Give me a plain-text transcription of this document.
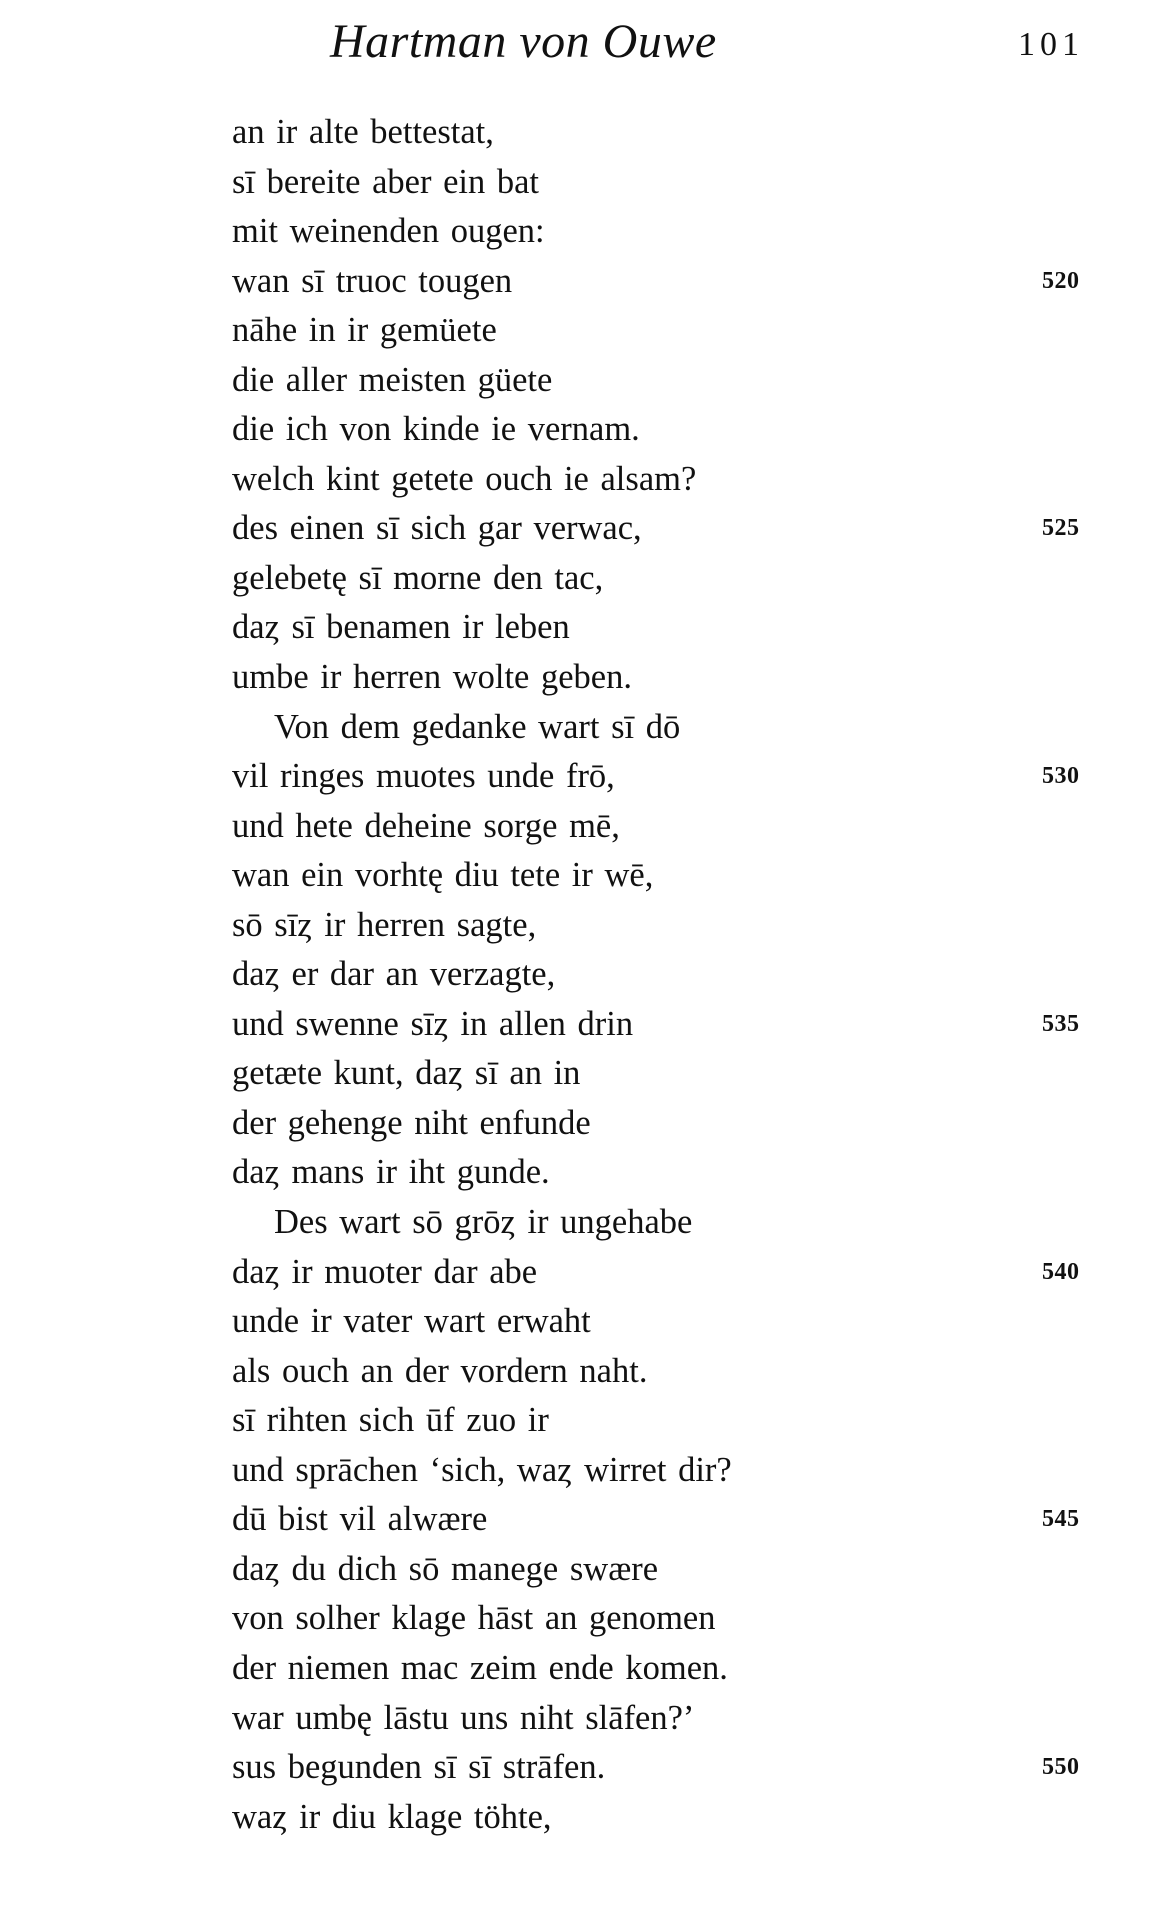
Hartman von Ouwe	101
an ir alte bettestat,
sī bereite aber ein bat
mit weinenden ougen:
wan sī truoc tougen	520
nāhe in ir gemüete
die aller meisten güete
die ich von kinde ie vernam.
welch kint getete ouch ie alsam?
des einen sī sich gar verwac,	525
gelebetę sī morne den tac,
daȥ sī benamen ir leben
umbe ir herren wolte geben.
Von dem gedanke wart sī dō
vil ringes muotes unde frō,	530
und hete deheine sorge mē,
wan ein vorhtę diu tete ir wē,
sō sīȥ ir herren sagte,
daȥ er dar an verzagte,
und swenne sīȥ in allen drin	535
getæte kunt, daȥ sī an in
der gehenge niht enfunde
daȥ mans ir iht gunde.
Des wart sō grōȥ ir ungehabe
daȥ ir muoter dar abe	540
unde ir vater wart erwaht
als ouch an der vordern naht.
sī rihten sich ūf zuo ir
und sprāchen ‘sich, waȥ wirret dir?
dū bist vil alwære	545
daȥ du dich sō manege swære
von solher klage hāst an genomen
der niemen mac zeim ende komen.
war umbę lāstu uns niht slāfen?’
sus begunden sī sī strāfen.	550
waȥ ir diu klage töhte,
